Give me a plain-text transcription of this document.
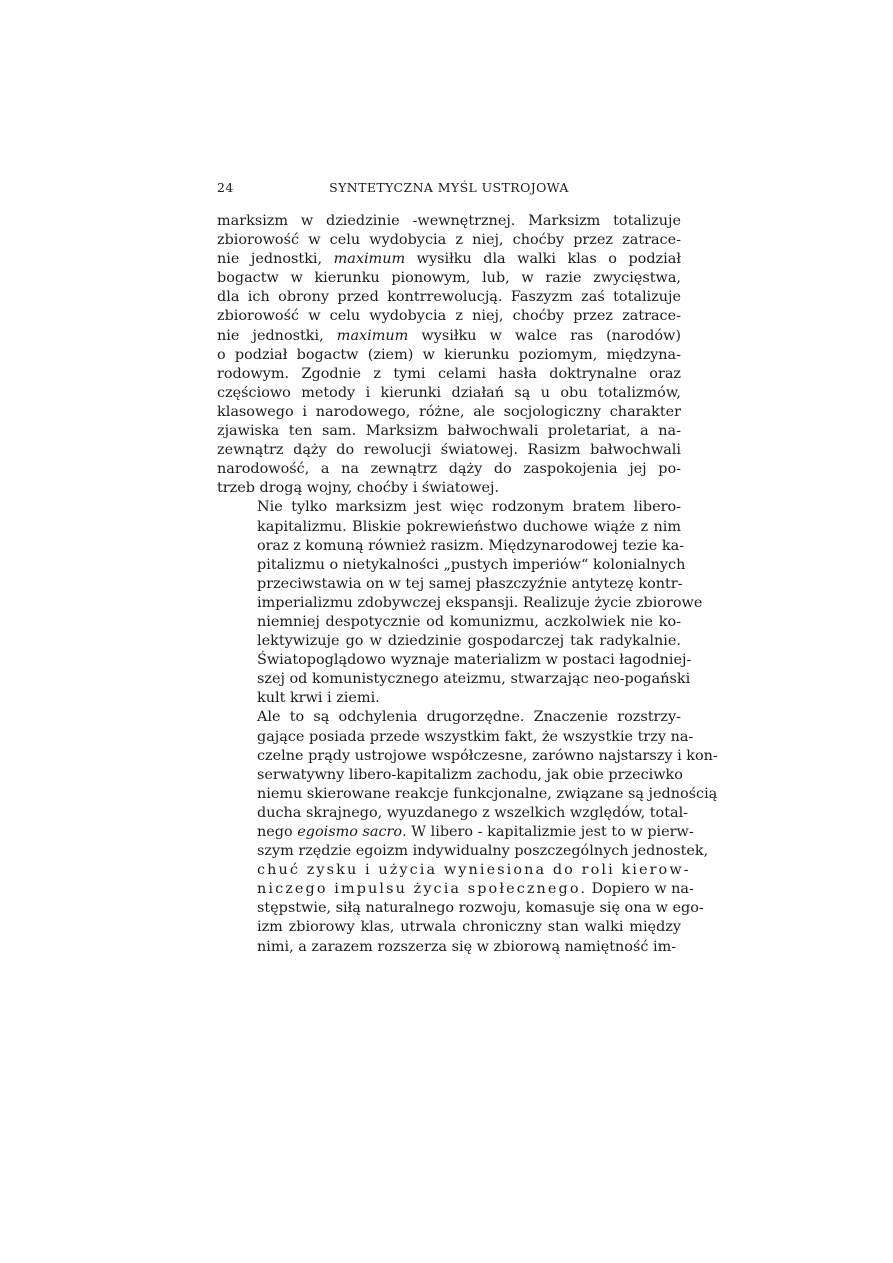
24	SYNTETYCZNA MYŚL USTROJOWA
marksizm w dziedzinie -wewnętrznej. Marksizm totalizuje
zbiorowość w celu wydobycia z niej, choćby przez zatrace-
nie jednostki, maximum wysiłku dla walki klas o podział
bogactw w kierunku pionowym, lub, w razie zwycięstwa,
dla ich obrony przed kontrrewolucją. Faszyzm zaś totalizuje
zbiorowość w celu wydobycia z niej, choćby przez zatrace-
nie jednostki, maximum wysiłku w walce ras (narodów)
o podział bogactw (ziem) w kierunku poziomym, międzyna-
rodowym. Zgodnie z tymi celami hasła doktrynalne oraz
częściowo metody i kierunki działań są u obu totalizmów,
klasowego i narodowego, różne, ale socjologiczny charakter
zjawiska ten sam. Marksizm bałwochwali proletariat, a na-
zewnątrz dąży do rewolucji światowej. Rasizm bałwochwali
narodowość, a na zewnątrz dąży do zaspokojenia jej po-
trzeb drogą wojny, choćby i światowej.
Nie tylko marksizm jest więc rodzonym bratem libero-
kapitalizmu. Bliskie pokrewieństwo duchowe wiąże z nim
oraz z komuną również rasizm. Międzynarodowej tezie ka-
pitalizmu o nietykalności „pustych imperiów“ kolonialnych
przeciwstawia on w tej samej płaszczyźnie antytezę kontr-
imperializmu zdobywczej ekspansji. Realizuje życie zbiorowe
niemniej despotycznie od komunizmu, aczkolwiek nie ko-
lektywizuje go w dziedzinie gospodarczej tak radykalnie.
Światopoglądowo wyznaje materializm w postaci łagodniej-
szej od komunistycznego ateizmu, stwarzając neo-pogański
kult krwi i ziemi.
Ale to są odchylenia drugorzędne. Znaczenie rozstrzy-
gające posiada przede wszystkim fakt, że wszystkie trzy na-
czelne prądy ustrojowe współczesne, zarówno najstarszy i kon-
serwatywny libero-kapitalizm zachodu, jak obie przeciwko
niemu skierowane reakcje funkcjonalne, związane są jednością
ducha skrajnego, wyuzdanego z wszelkich względów, total-
nego egoismo sacro. W libero - kapitalizmie jest to w pierw-
szym rzędzie egoizm indywidualny poszczególnych jednostek,
chuć zysku i użycia wyniesiona do roli kierow-
niczego impulsu życia społecznego. Dopiero w na-
stępstwie, siłą naturalnego rozwoju, komasuje się ona w ego-
izm zbiorowy klas, utrwala chroniczny stan walki między
nimi, a zarazem rozszerza się w zbiorową namiętność im-
